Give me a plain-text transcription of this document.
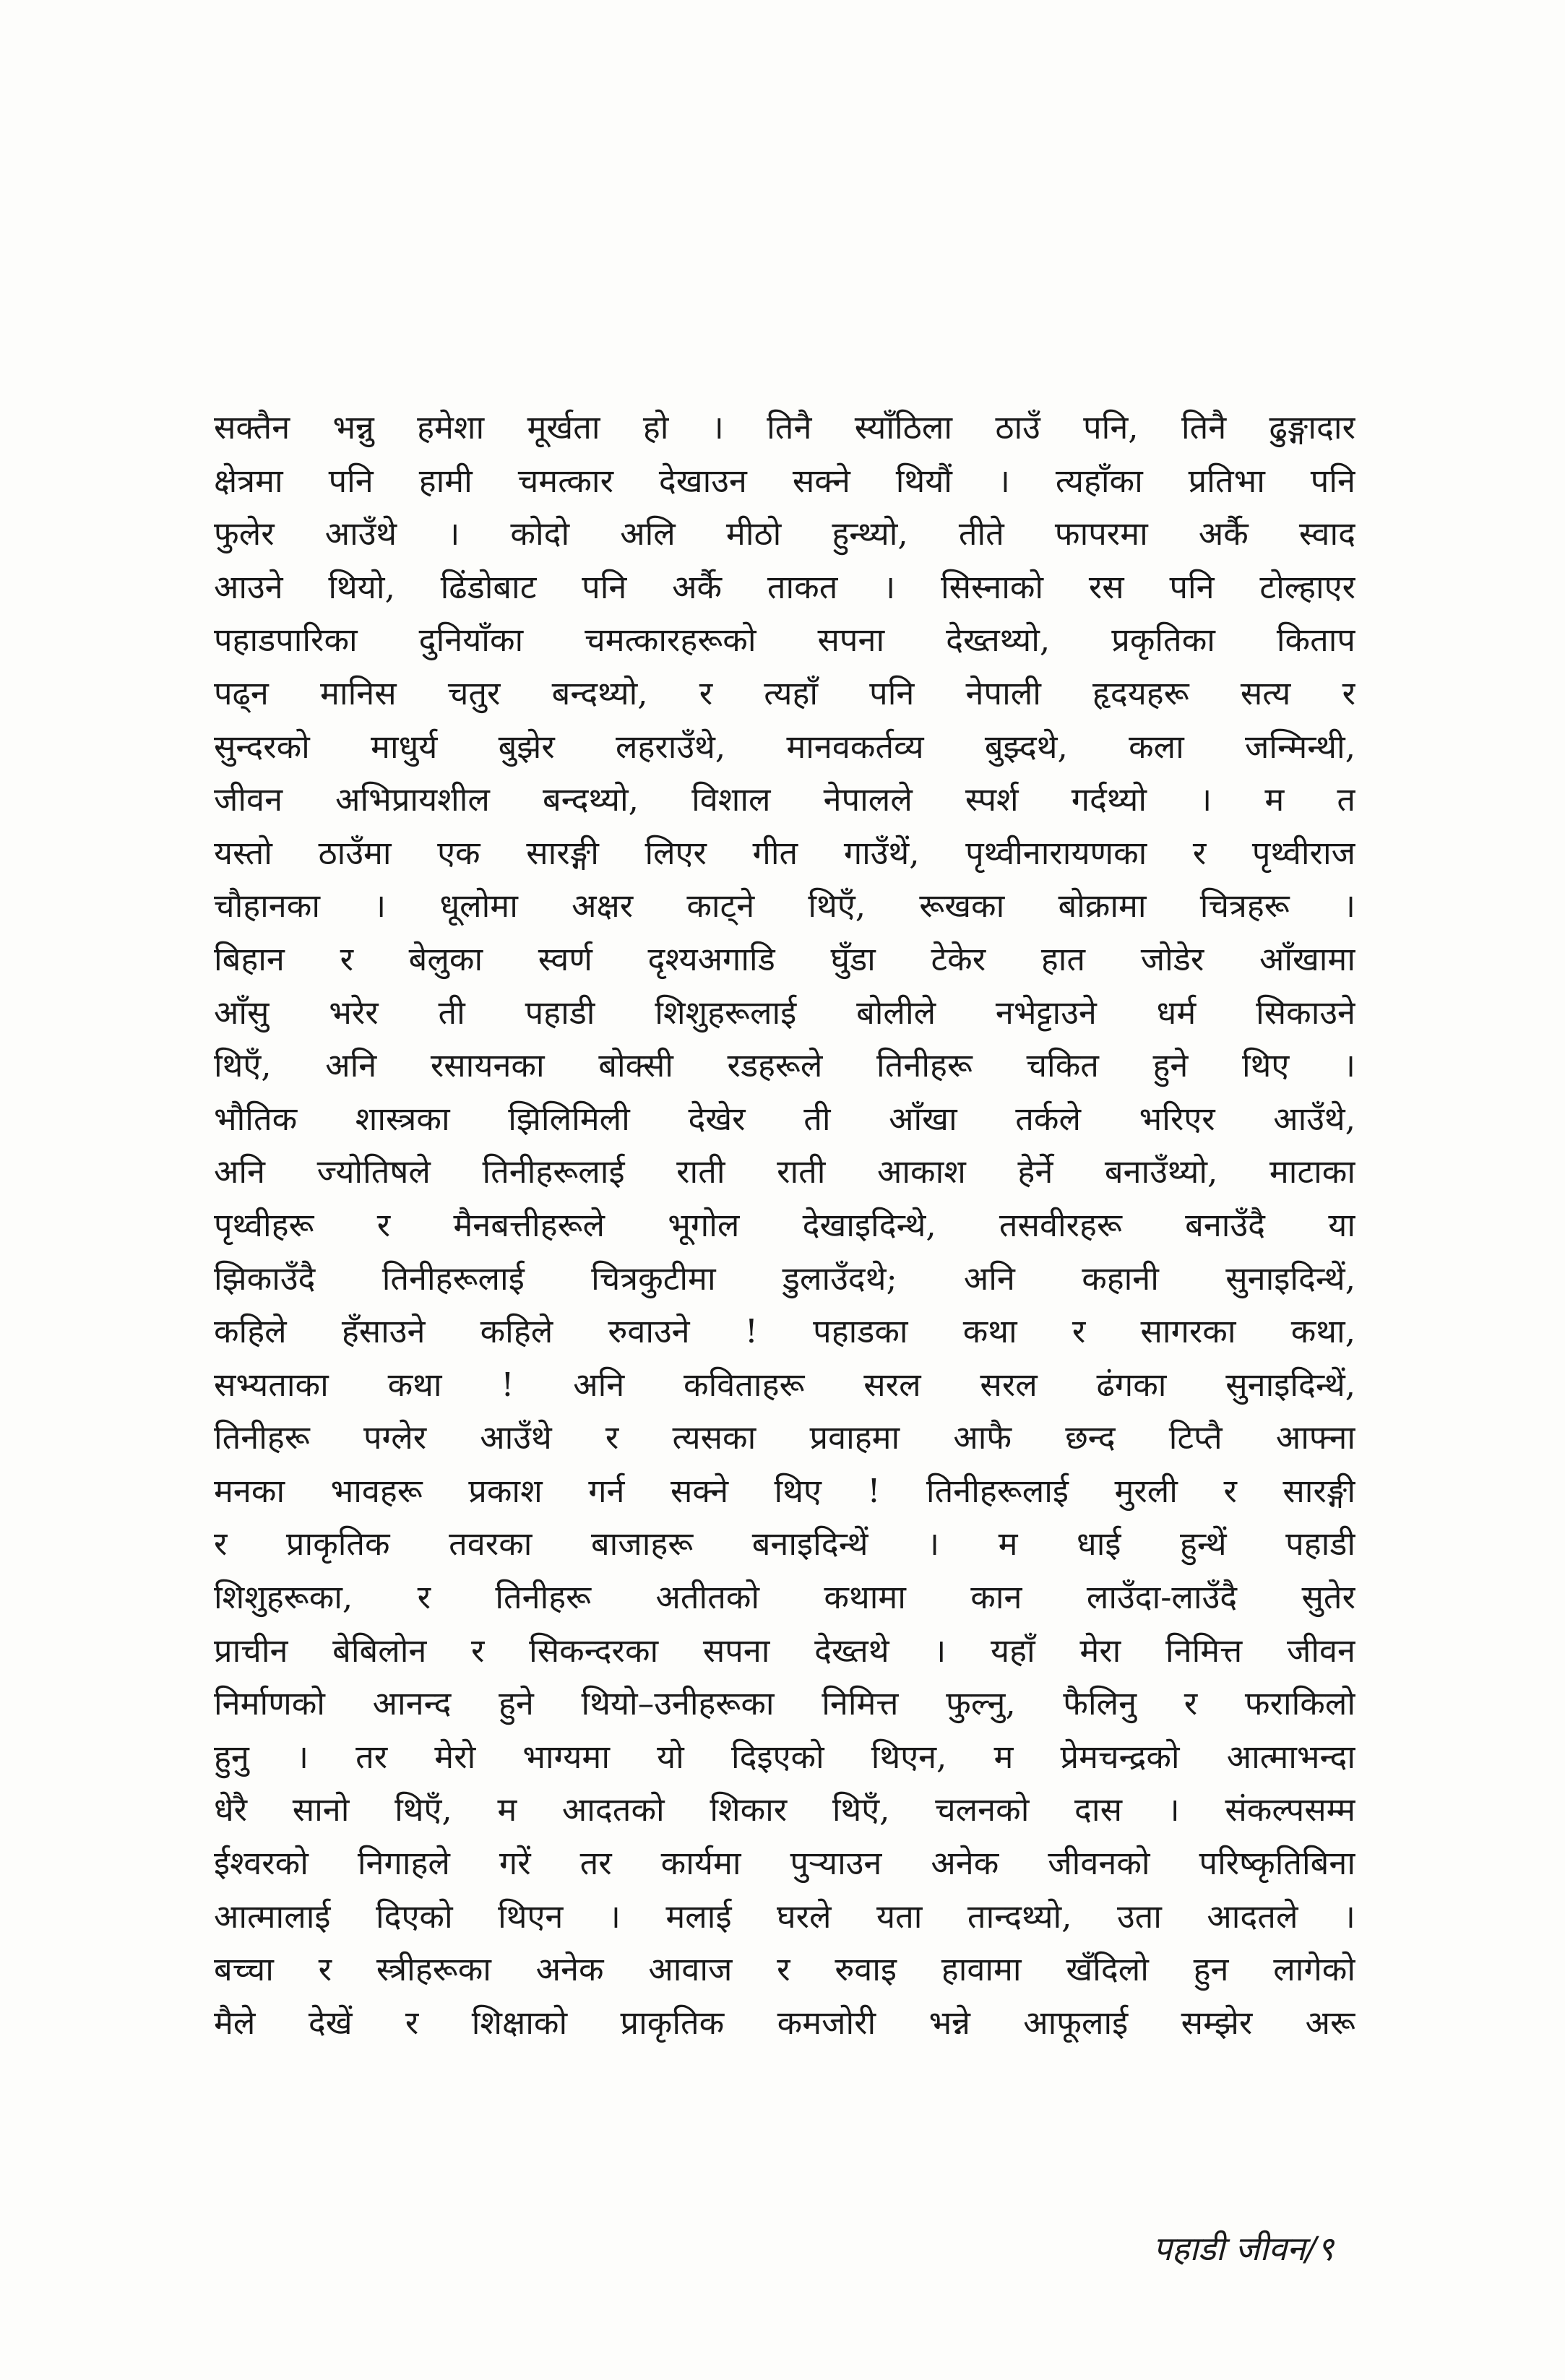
सक्तैन भन्नु हमेशा मूर्खता हो । तिनै स्याँठिला ठाउँ पनि, तिनै ढुङ्गादार
क्षेत्रमा पनि हामी चमत्कार देखाउन सक्ने थियौं । त्यहाँका प्रतिभा पनि
फुलेर आउँथे । कोदो अलि मीठो हुन्थ्यो, तीते फापरमा अर्कै स्वाद
आउने थियो, ढिंडोबाट पनि अर्कै ताकत । सिस्नाको रस पनि टोल्हाएर
पहाडपारिका दुनियाँका चमत्कारहरूको सपना देख्तथ्यो, प्रकृतिका किताप
पढ्न मानिस चतुर बन्दथ्यो, र त्यहाँ पनि नेपाली हृदयहरू सत्य र
सुन्दरको माधुर्य बुझेर लहराउँथे, मानवकर्तव्य बुझ्दथे, कला जन्मिन्थी,
जीवन अभिप्रायशील बन्दथ्यो, विशाल नेपालले स्पर्श गर्दथ्यो । म त
यस्तो ठाउँमा एक सारङ्गी लिएर गीत गाउँथें, पृथ्वीनारायणका र पृथ्वीराज
चौहानका । धूलोमा अक्षर काट्ने थिएँ, रूखका बोक्रामा चित्रहरू ।
बिहान र बेलुका स्वर्ण दृश्यअगाडि घुँडा टेकेर हात जोडेर आँखामा
आँसु भरेर ती पहाडी शिशुहरूलाई बोलीले नभेट्टाउने धर्म सिकाउने
थिएँ, अनि रसायनका बोक्सी रडहरूले तिनीहरू चकित हुने थिए ।
भौतिक शास्त्रका झिलिमिली देखेर ती आँखा तर्कले भरिएर आउँथे,
अनि ज्योतिषले तिनीहरूलाई राती राती आकाश हेर्ने बनाउँथ्यो, माटाका
पृथ्वीहरू र मैनबत्तीहरूले भूगोल देखाइदिन्थे, तसवीरहरू बनाउँदै या
झिकाउँदै तिनीहरूलाई चित्रकुटीमा डुलाउँदथे; अनि कहानी सुनाइदिन्थें,
कहिले हँसाउने कहिले रुवाउने ! पहाडका कथा र सागरका कथा,
सभ्यताका कथा ! अनि कविताहरू सरल सरल ढंगका सुनाइदिन्थें,
तिनीहरू पग्लेर आउँथे र त्यसका प्रवाहमा आफै छन्द टिप्तै आफ्ना
मनका भावहरू प्रकाश गर्न सक्ने थिए ! तिनीहरूलाई मुरली र सारङ्गी
र प्राकृतिक तवरका बाजाहरू बनाइदिन्थें । म धाई हुन्थें पहाडी
शिशुहरूका, र तिनीहरू अतीतको कथामा कान लाउँदा-लाउँदै सुतेर
प्राचीन बेबिलोन र सिकन्दरका सपना देख्तथे । यहाँ मेरा निमित्त जीवन
निर्माणको आनन्द हुने थियो–उनीहरूका निमित्त फुल्नु, फैलिनु र फराकिलो
हुनु । तर मेरो भाग्यमा यो दिइएको थिएन, म प्रेमचन्द्रको आत्माभन्दा
धेरै सानो थिएँ, म आदतको शिकार थिएँ, चलनको दास । संकल्पसम्म
ईश्वरको निगाहले गरें तर कार्यमा पुऱ्याउन अनेक जीवनको परिष्कृतिबिना
आत्मालाई दिएको थिएन । मलाई घरले यता तान्दथ्यो, उता आदतले ।
बच्चा र स्त्रीहरूका अनेक आवाज र रुवाइ हावामा खँदिलो हुन लागेको
मैले देखें र शिक्षाको प्राकृतिक कमजोरी भन्ने आफूलाई सम्झेर अरू
पहाडी जीवन/९
